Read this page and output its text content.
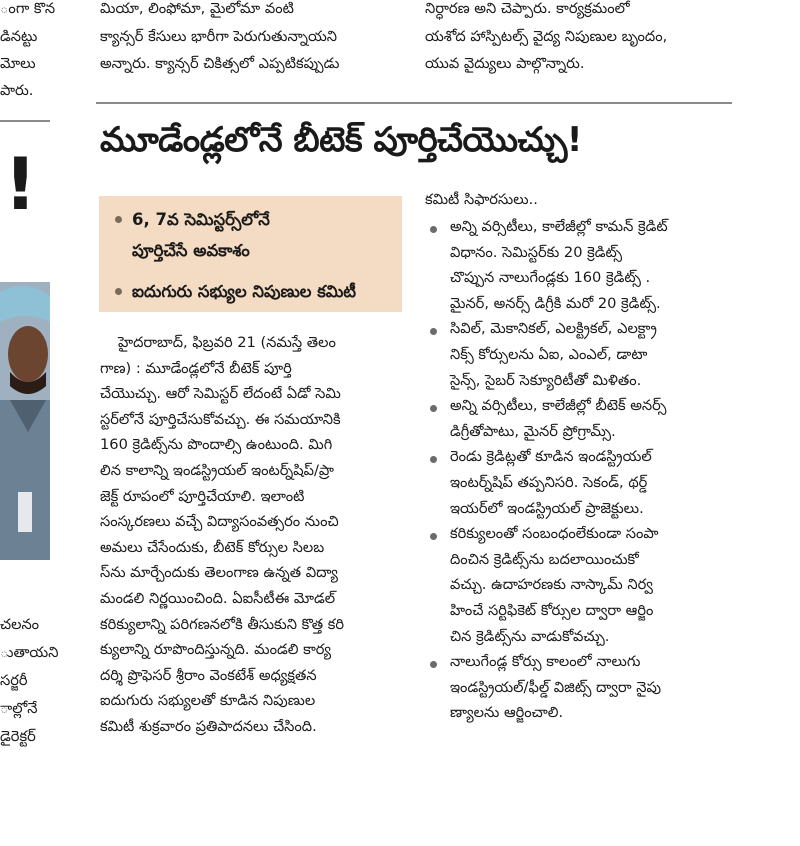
ంగా కొన
డినట్టు
మోలు
పారు.
మియా, లింఫోమా, మైలోమా వంటి
క్యాన్సర్ కేసులు భారీగా పెరుగుతున్నాయని
అన్నారు. క్యాన్సర్ చికిత్సలో ఎప్పటికప్పుడు
నిర్ధారణ అని చెప్పారు. కార్యక్రమంలో
యశోద హాస్పిటల్స్ వైద్య నిపుణుల బృందం,
యువ వైద్యులు పాల్గొన్నారు.
!
చలనం
ుతాయని
సర్జరీ
ాల్లోనే
డైరెక్టర్
మూడేండ్లలోనే బీటెక్ పూర్తిచేయొచ్చు!
6, 7వ సెమిస్టర్స్‌లోనే
పూర్తిచేసే అవకాశం
ఐదుగురు సభ్యుల నిపుణుల కమిటీ
హైదరాబాద్, ఫిబ్రవరి 21 (నమస్తే తెలం
గాణ) : మూడేండ్లలోనే బీటెక్ పూర్తి
చేయొచ్చు. ఆరో సెమిస్టర్ లేదంటే ఏడో సెమి
స్టర్‌లోనే పూర్తిచేసుకోవచ్చు. ఈ సమయానికి
160 క్రెడిట్స్‌ను పొందాల్సి ఉంటుంది. మిగి
లిన కాలాన్ని ఇండస్ట్రియల్ ఇంటర్న్‌షిప్/ప్రా
జెక్ట్ రూపంలో పూర్తిచేయాలి. ఇలాంటి
సంస్కరణలు వచ్చే విద్యాసంవత్సరం నుంచి
అమలు చేసేందుకు, బీటెక్ కోర్సుల సిలబ
స్‌ను మార్చేందుకు తెలంగాణ ఉన్నత విద్యా
మండలి నిర్ణయించింది. ఏఐసీటీఈ మోడల్
కరిక్యులాన్ని పరిగణనలోకి తీసుకుని కొత్త కరి
క్యులాన్ని రూపొందిస్తున్నది. మండలి కార్య
దర్శి ప్రొఫెసర్ శ్రీరాం వెంకటేశ్ అధ్యక్షతన
ఐదుగురు సభ్యులతో కూడిన నిపుణుల
కమిటీ శుక్రవారం ప్రతిపాదనలు చేసింది.
కమిటీ సిఫారసులు..
అన్ని వర్సిటీలు, కాలేజీల్లో కామన్ క్రెడిట్
విధానం. సెమిస్టర్‌కు 20 క్రెడిట్స్
చొప్పున నాలుగేండ్లకు 160 క్రెడిట్స్ .
మైనర్, అనర్స్ డిగ్రీకి మరో 20 క్రెడిట్స్.
సివిల్, మెకానికల్, ఎలక్ట్రికల్, ఎలక్ట్రా
నిక్స్ కోర్సులను ఏఐ, ఎంఎల్, డాటా
సైన్స్, సైబర్ సెక్యూరిటీతో మిళితం.
అన్ని వర్సిటీలు, కాలేజీల్లో బీటెక్ అనర్స్
డిగ్రీతోపాటు, మైనర్ ప్రోగ్రామ్స్.
రెండు క్రెడిట్లతో కూడిన ఇండస్ట్రియల్
ఇంటర్న్‌షిప్ తప్పనిసరి. సెకండ్, థర్డ్
ఇయర్‌లో ఇండస్ట్రియల్ ప్రాజెక్టులు.
కరిక్యులంతో సంబంధంలేకుండా సంపా
దించిన క్రెడిట్స్‌ను బదలాయించుకో
వచ్చు. ఉదాహరణకు నాస్కామ్ నిర్వ
హించే సర్టిఫికెట్ కోర్సుల ద్వారా ఆర్జిం
చిన క్రెడిట్స్‌ను వాడుకోవచ్చు.
నాలుగేండ్ల కోర్సు కాలంలో నాలుగు
ఇండస్ట్రియల్/ఫీల్డ్ విజిట్స్ ద్వారా నైపు
ణ్యాలను ఆర్జించాలి.
